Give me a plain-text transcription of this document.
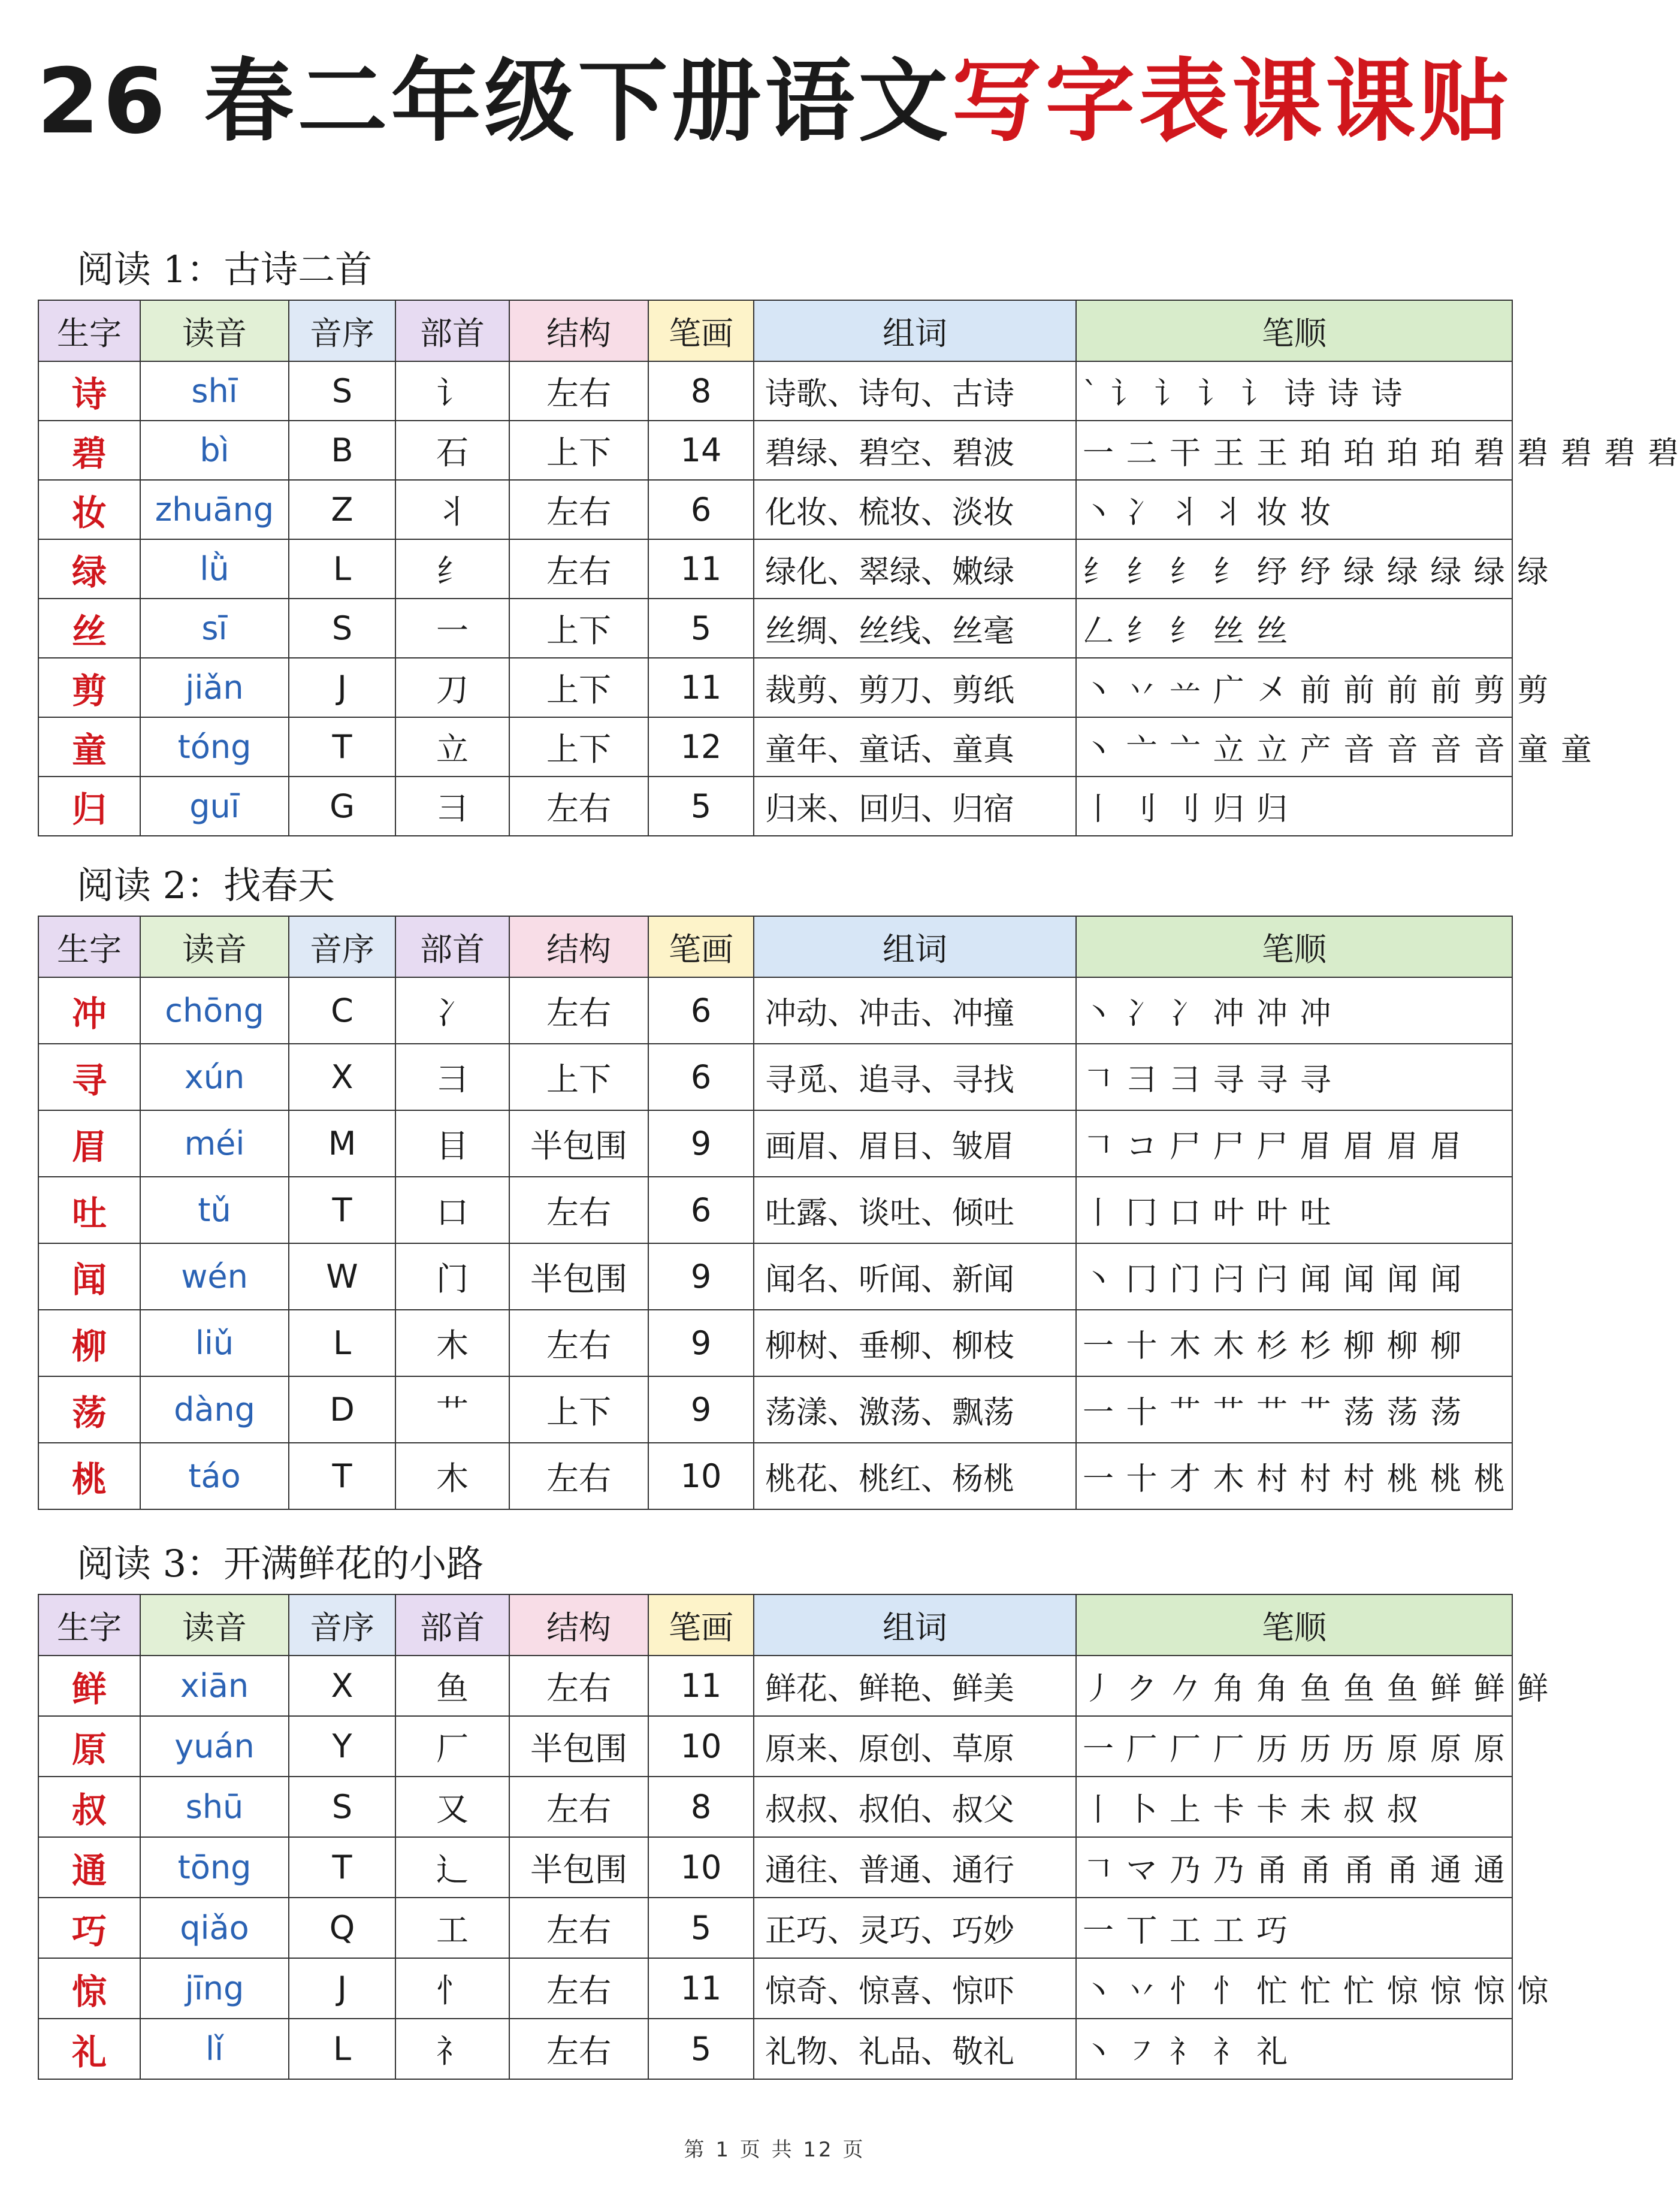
26 春二年级下册语文写字表课课贴
阅读 1：古诗二首
生字	读音	音序	部首	结构	笔画	组词	笔顺
诗	shī	S	讠	左右	8	诗歌、诗句、古诗	` 讠 讠 讠 讠 诗 诗 诗
碧	bì	B	石	上下	14	碧绿、碧空、碧波	一 二 干 王 王 珀 珀 珀 珀 碧 碧 碧 碧 碧
妆	zhuāng	Z	丬	左右	6	化妆、梳妆、淡妆	丶 冫 丬 丬 妆 妆
绿	lǜ	L	纟	左右	11	绿化、翠绿、嫩绿	纟 纟 纟 纟 纾 纾 绿 绿 绿 绿 绿
丝	sī	S	一	上下	5	丝绸、丝线、丝毫	𠃋 纟 纟 丝 丝
剪	jiǎn	J	刀	上下	11	裁剪、剪刀、剪纸	丶 丷 䒑 广 㐅 前 前 前 前 剪 剪
童	tóng	T	立	上下	12	童年、童话、童真	丶 亠 亠 立 立 产 音 音 音 音 童 童
归	guī	G	彐	左右	5	归来、回归、归宿	丨 刂 刂 归 归
阅读 2：找春天
生字	读音	音序	部首	结构	笔画	组词	笔顺
冲	chōng	C	冫	左右	6	冲动、冲击、冲撞	丶 冫 冫 冲 冲 冲
寻	xún	X	彐	上下	6	寻觅、追寻、寻找	𠃍 彐 彐 寻 寻 寻
眉	méi	M	目	半包围	9	画眉、眉目、皱眉	𠃍 コ 尸 尸 尸 眉 眉 眉 眉
吐	tǔ	T	口	左右	6	吐露、谈吐、倾吐	丨 冂 口 叶 叶 吐
闻	wén	W	门	半包围	9	闻名、听闻、新闻	丶 冂 门 闩 闩 闻 闻 闻 闻
柳	liǔ	L	木	左右	9	柳树、垂柳、柳枝	一 十 木 木 杉 杉 柳 柳 柳
荡	dàng	D	艹	上下	9	荡漾、激荡、飘荡	一 十 艹 艹 艹 艹 荡 荡 荡
桃	táo	T	木	左右	10	桃花、桃红、杨桃	一 十 才 木 村 村 村 桃 桃 桃
阅读 3：开满鲜花的小路
生字	读音	音序	部首	结构	笔画	组词	笔顺
鲜	xiān	X	鱼	左右	11	鲜花、鲜艳、鲜美	丿 ク 𠂊 角 角 鱼 鱼 鱼 鲜 鲜 鲜
原	yuán	Y	厂	半包围	10	原来、原创、草原	一 厂 厂 厂 历 历 历 原 原 原
叔	shū	S	又	左右	8	叔叔、叔伯、叔父	丨 卜 上 卡 卡 未 叔 叔
通	tōng	T	辶	半包围	10	通往、普通、通行	𠃍 マ 乃 乃 甬 甬 甬 甬 通 通
巧	qiǎo	Q	工	左右	5	正巧、灵巧、巧妙	一 丅 工 工 巧
惊	jīng	J	忄	左右	11	惊奇、惊喜、惊吓	丶 丷 忄 忄 忙 忙 忙 惊 惊 惊 惊
礼	lǐ	L	礻	左右	5	礼物、礼品、敬礼	丶 ㇇ 礻 礻 礼
第 1 页 共 12 页
